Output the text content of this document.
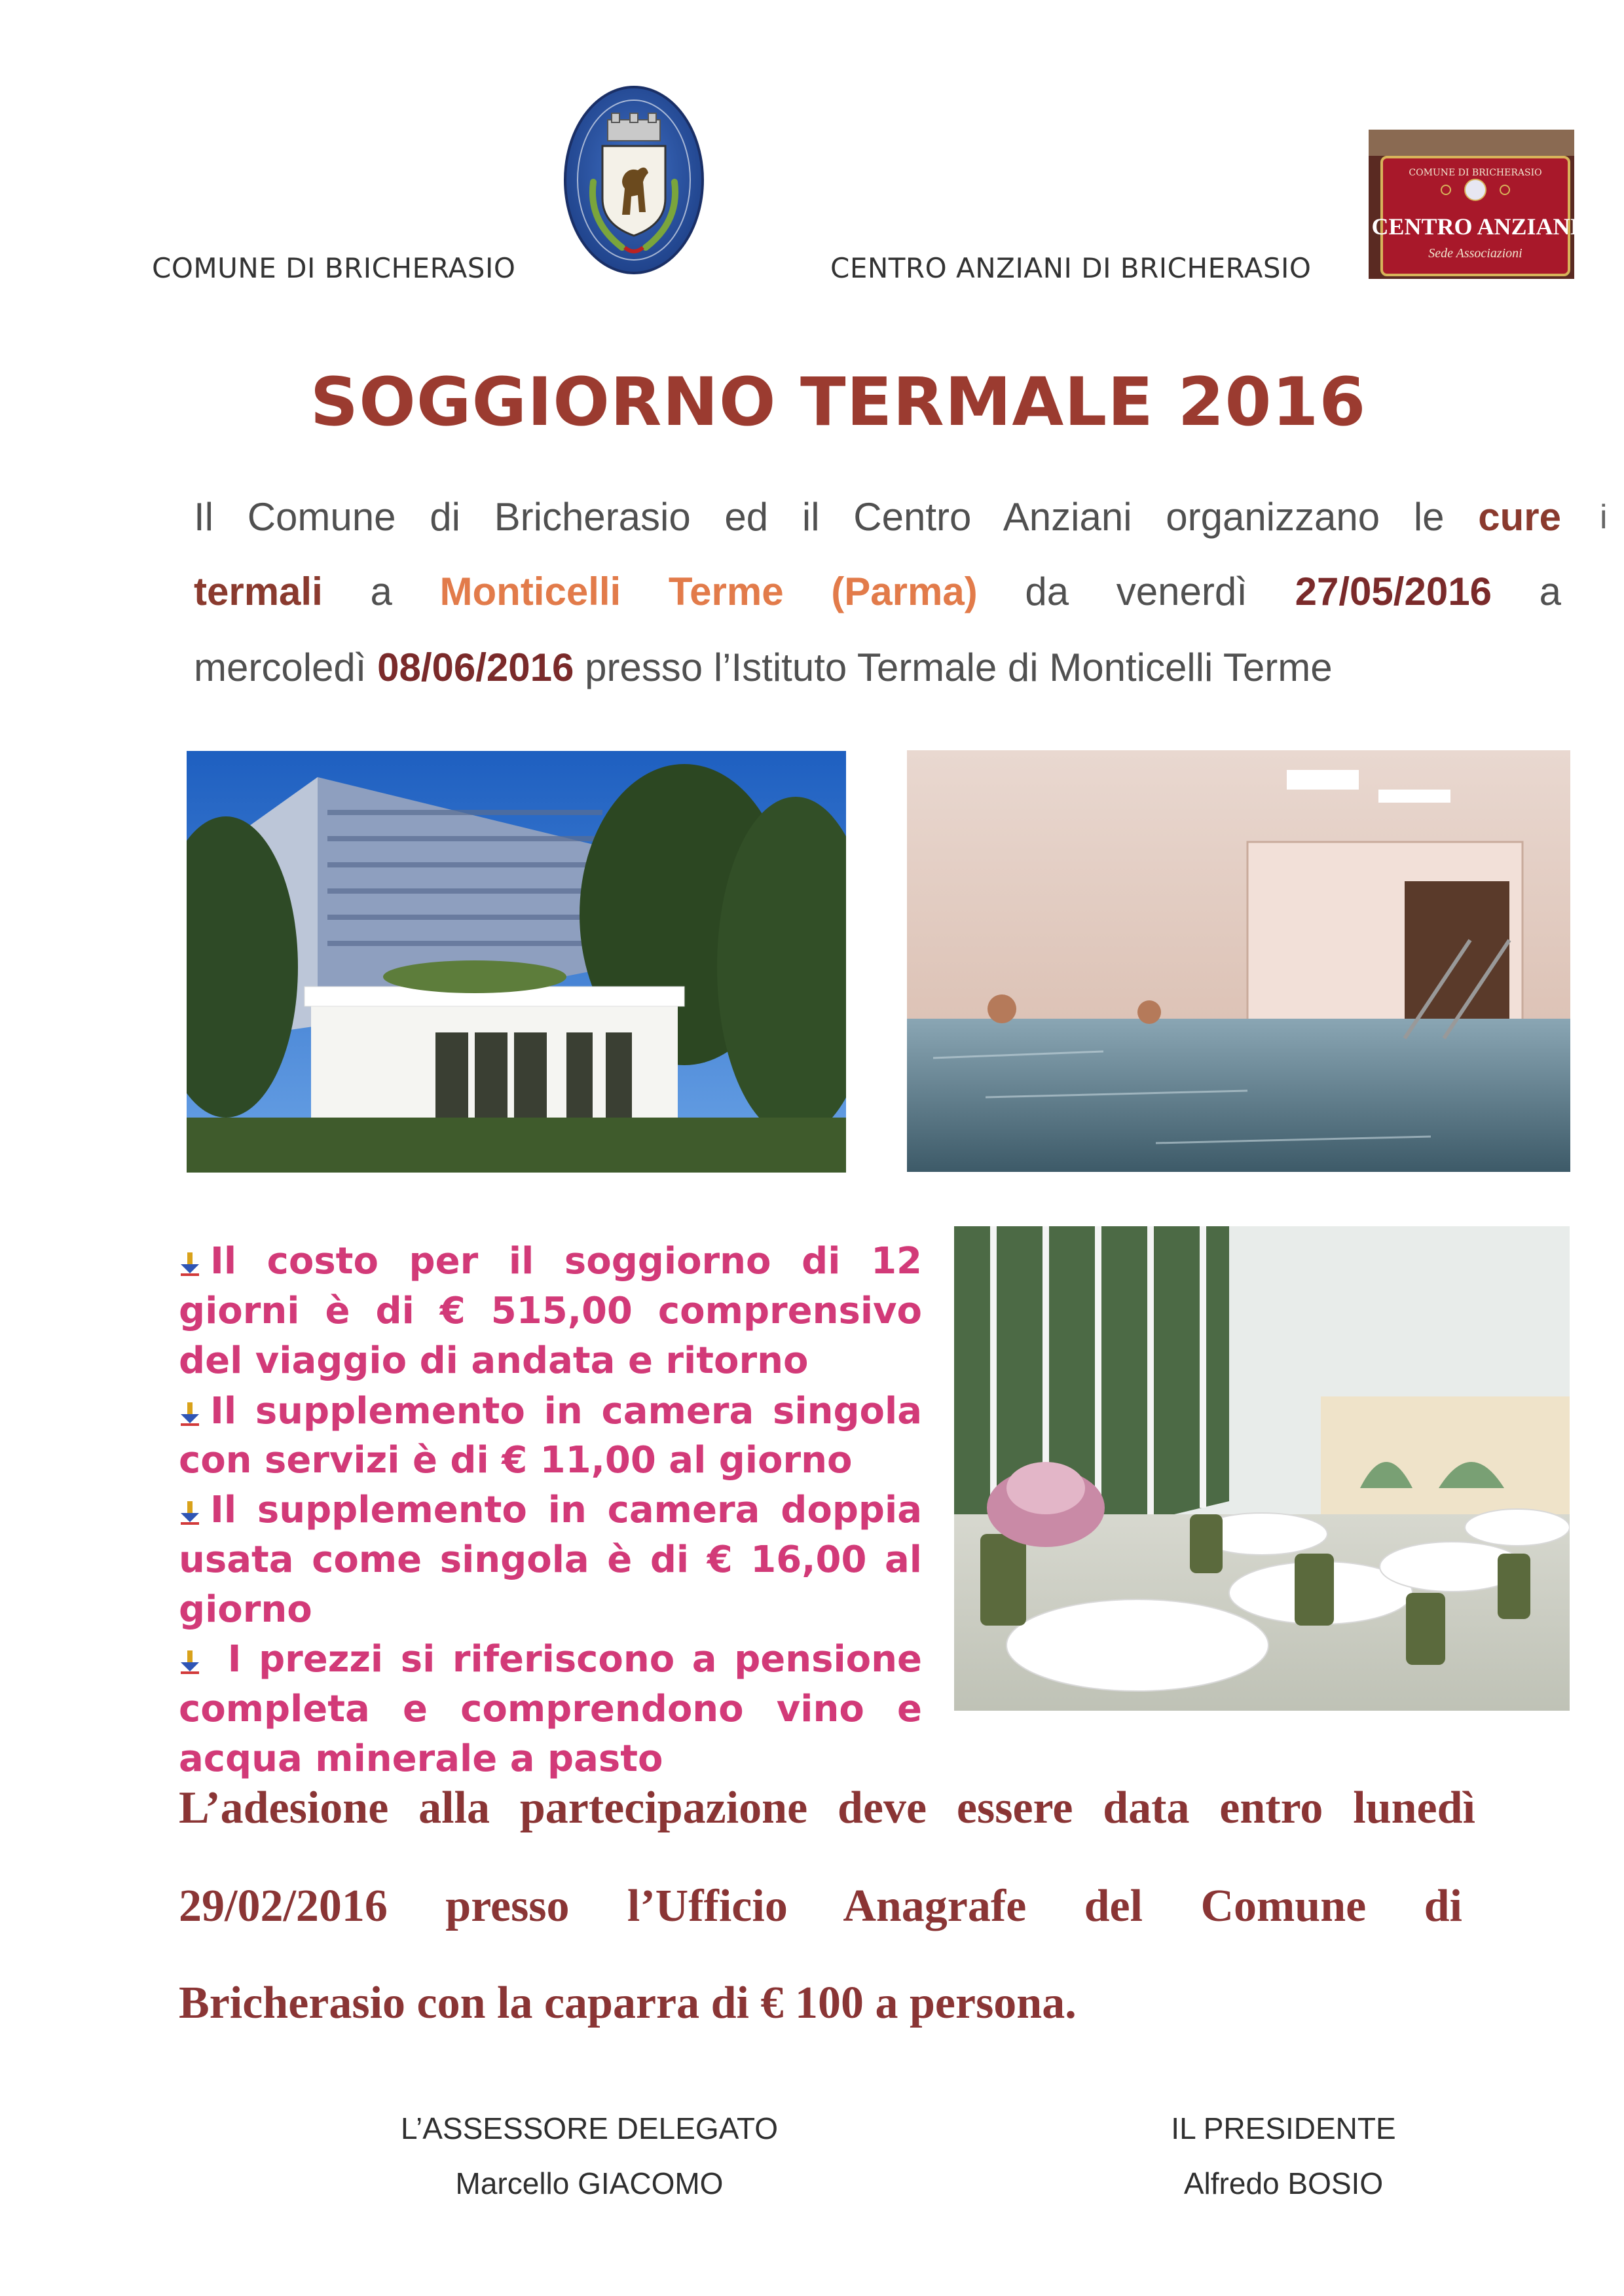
COMUNE DI BRICHERASIO	CENTRO ANZIANI DI BRICHERASIO
COMUNE DI BRICHERASIO
CENTRO ANZIANI
Sede Associazioni
SOGGIORNO TERMALE 2016
Il Comune di Bricherasio ed il Centro Anziani organizzano le cure i
termali a Monticelli Terme (Parma) da venerdì 27/05/2016 a
mercoledì 08/06/2016 presso l’Istituto Termale di Monticelli Terme
Il costo per il soggiorno di 12
giorni è di € 515,00 comprensivo
del viaggio di andata e ritorno
Il supplemento in camera singola
con servizi è di € 11,00 al giorno
Il supplemento in camera doppia
usata come singola è di € 16,00 al
giorno
I prezzi si riferiscono a pensione
completa e comprendono vino e
acqua minerale a pasto
L’adesione alla partecipazione deve essere data entro lunedì
29/02/2016 presso l’Ufficio Anagrafe del Comune di
Bricherasio con la caparra di € 100 a persona.
L’ASSESSORE DELEGATO
Marcello GIACOMO
IL PRESIDENTE
Alfredo BOSIO
